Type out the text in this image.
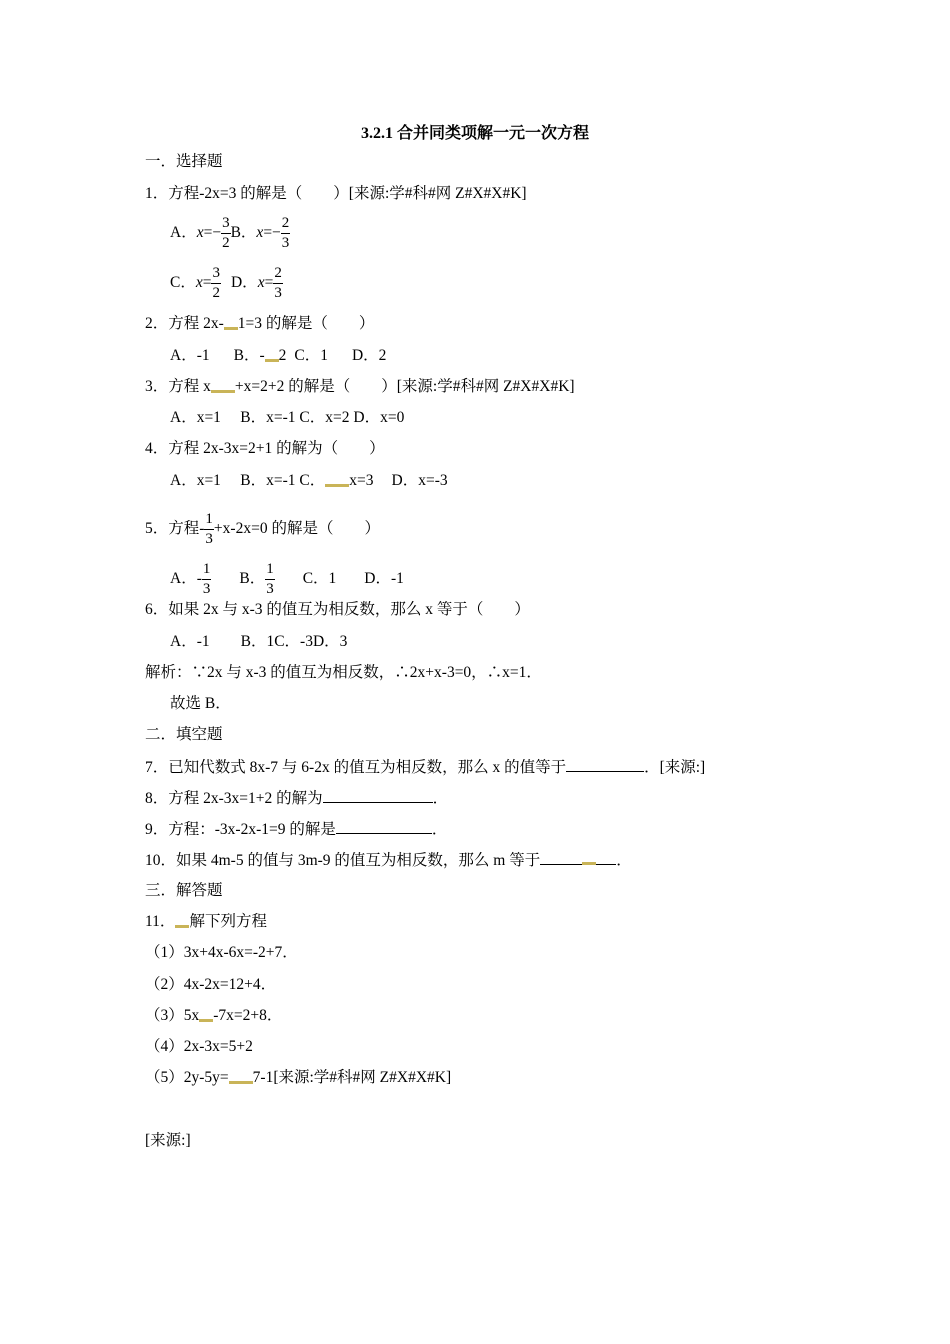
3.2.1 合并同类项解一元一次方程
一．选择题
1．方程-2x=3 的解是（　　）[来源:学#科#网 Z#X#X#K]
A．$x=- \frac{3}{2}$ B．$x=- \frac{2}{3}$
C．$x= \frac{3}{2}$ D．$x= \frac{2}{3}$
2．方程 2x- 1=3 的解是（　　）
A．-1 B．- 2 C．1 D．2
3．方程 x +x=2+2 的解是（　　）[来源:学#科#网 Z#X#X#K]
A．x=1　 B．x=-1 C．x=2 D．x=0
4．方程 2x-3x=2+1 的解为（　　）
A．x=1　 B．x=-1 C． x=3 D．x=-3
5．方程- $\frac{1}{3} +x-2x=0$ 的解是（　　）
A．- $\frac{1}{3}$ B． $\frac{1}{3}$ C．1 D．-1
6．如果 2x 与 x-3 的值互为相反数，那么 x 等于（　　）
A．-1　　B．1C．-3D．3
解析：∵2x 与 x-3 的值互为相反数，∴2x+x-3=0，∴x=1．
故选 B．
二．填空题
7．已知代数式 8x-7 与 6-2x 的值互为相反数，那么 x 的值等于	．[来源:]
8．方程 2x-3x=1+2 的解为	．
9．方程：-3x-2x-1=9 的解是	．
10．如果 4m-5 的值与 3m-9 的值互为相反数，那么 m 等于	．
三．解答题
11． 解下列方程
（1）3x+4x-6x=-2+7．
（2）4x-2x=12+4．
（3）5x -7x=2+8．
（4）2x-3x=5+2
（5）2y-5y= 7-1[来源:学#科#网 Z#X#X#K]
[来源:]
